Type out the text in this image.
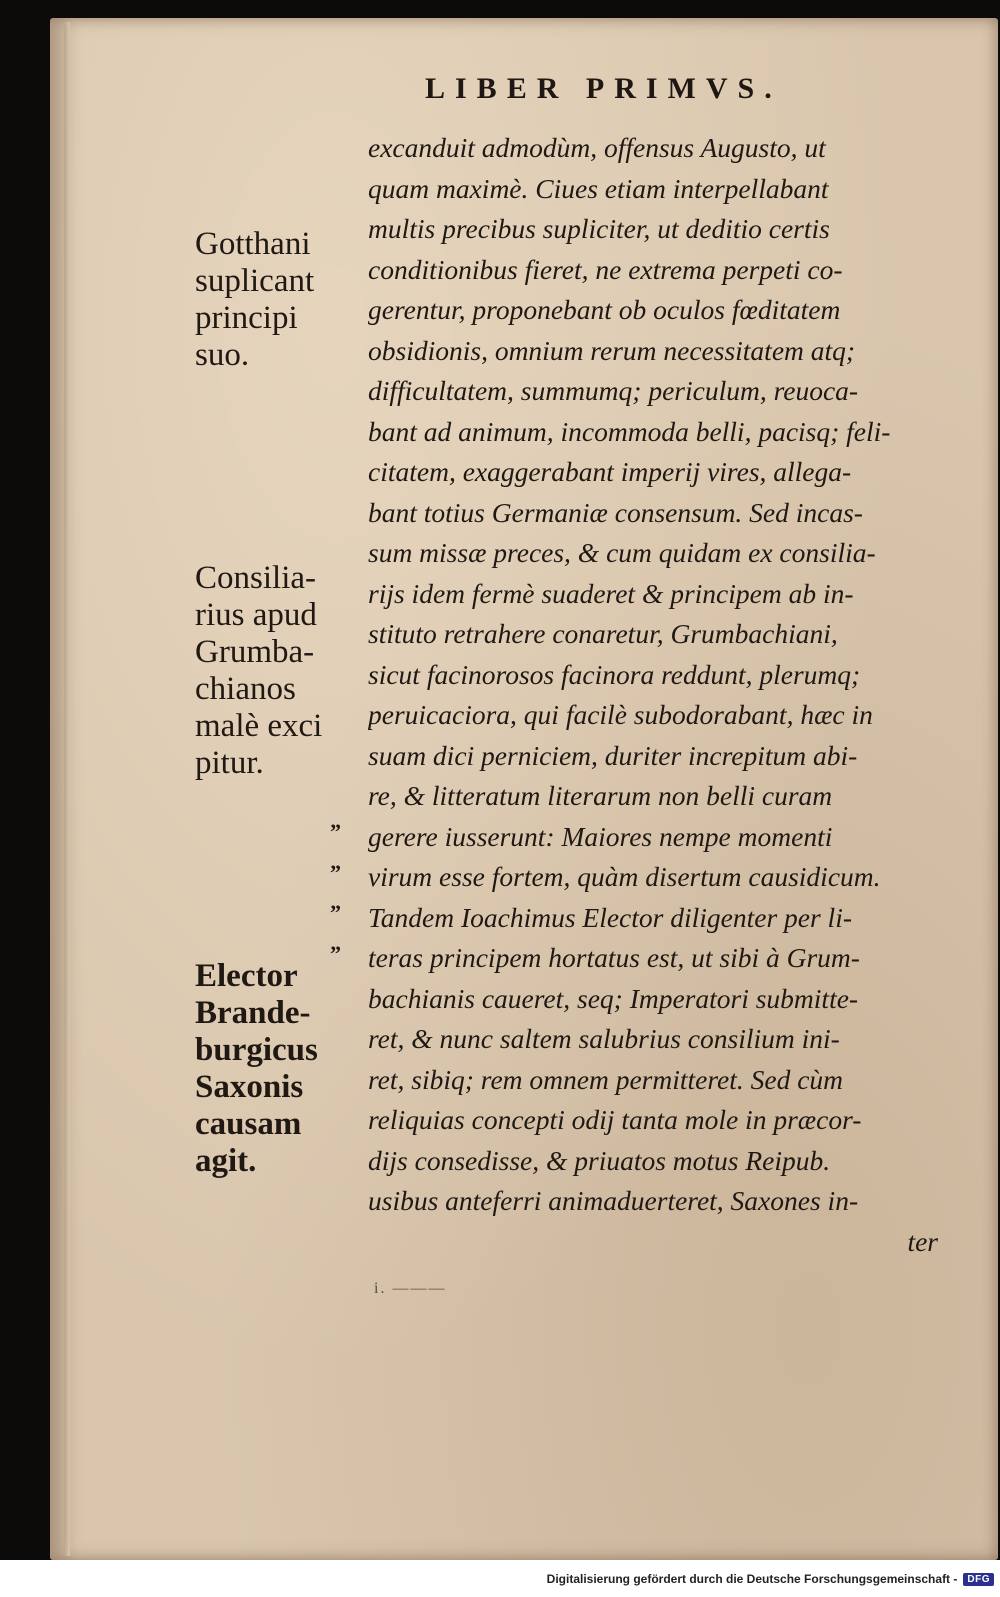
LIBER PRIMVS.
excanduit admodùm, offensus Augusto, ut
quam maximè. Ciues etiam interpellabant
multis precibus supliciter, ut deditio certis
conditionibus fieret, ne extrema perpeti co-
gerentur, proponebant ob oculos fœditatem
obsidionis, omnium rerum necessitatem atq;
difficultatem, summumq; periculum, reuoca-
bant ad animum, incommoda belli, pacisq; feli-
citatem, exaggerabant imperij vires, allega-
bant totius Germaniæ consensum. Sed incas-
sum missæ preces, & cum quidam ex consilia-
rijs idem fermè suaderet & principem ab in-
stituto retrahere conaretur, Grumbachiani,
sicut facinorosos facinora reddunt, plerumq;
peruicaciora, qui facilè subodorabant, hæc in
suam dici perniciem, duriter increpitum abi-
re, & litteratum literarum non belli curam
gerere iusserunt: Maiores nempe momenti
virum esse fortem, quàm disertum causidicum.
Tandem Ioachimus Elector diligenter per li-
teras principem hortatus est, ut sibi à Grum-
bachianis caueret, seq; Imperatori submitte-
ret, & nunc saltem salubrius consilium ini-
ret, sibiq; rem omnem permitteret. Sed cùm
reliquias concepti odij tanta mole in præcor-
dijs consedisse, & priuatos motus Reipub.
usibus anteferri animaduerteret, Saxones in-
ter
Gotthani
suplicant
principi
suo.
Consilia-
rius apud
Grumba-
chianos
malè exci
pitur.
Elector
Brande-
burgicus
Saxonis
causam
agit.
”
”
”
”
i. ———
Digitalisierung gefördert durch die Deutsche Forschungsgemeinschaft -	DFG
